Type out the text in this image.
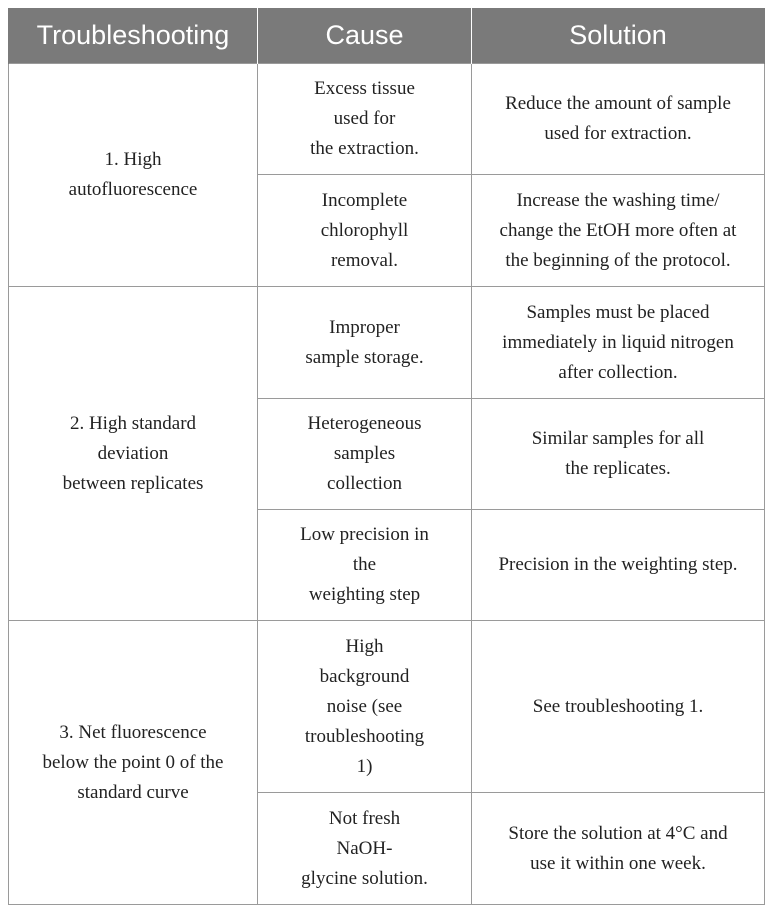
Troubleshooting	Cause	Solution
1. High
autofluorescence	Excess tissue
used for
the extraction.	Reduce the amount of sample
used for extraction.
	Incomplete
chlorophyll
removal.	Increase the washing time/
change the EtOH more often at
the beginning of the protocol.
2. High standard
deviation
between replicates	Improper
sample storage.	Samples must be placed
immediately in liquid nitrogen
after collection.
	Heterogeneous
samples
collection	Similar samples for all
the replicates.
	Low precision in
the
weighting step	Precision in the weighting step.
3. Net fluorescence
below the point 0 of the
standard curve	High
background
noise (see
troubleshooting
1)	See troubleshooting 1.
	Not fresh
NaOH-
glycine solution.	Store the solution at 4°C and
use it within one week.
